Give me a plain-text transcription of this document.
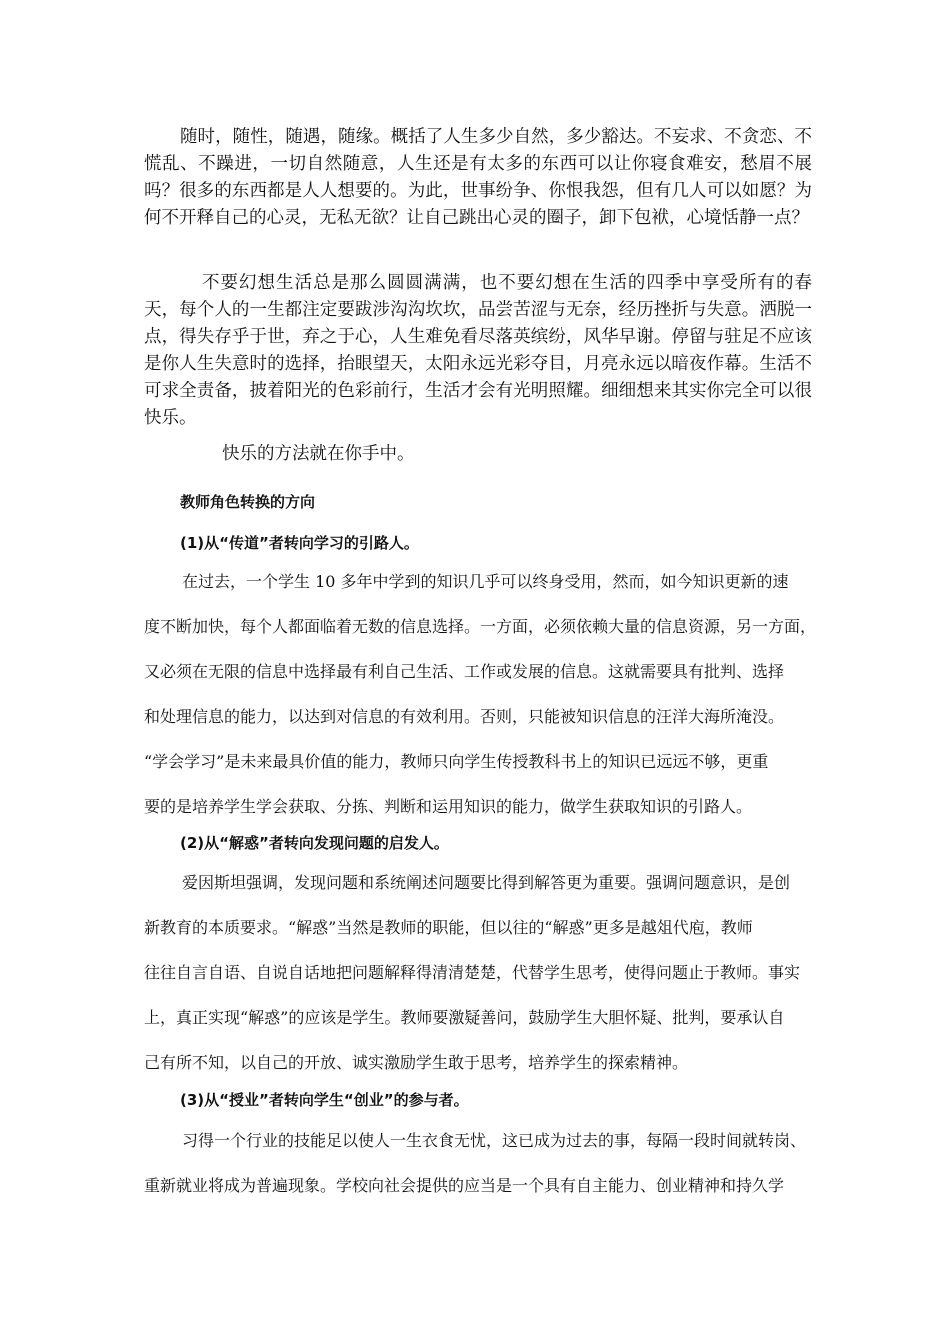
随时，随性，随遇，随缘。概括了人生多少自然，多少豁达。不妄求、不贪恋、不慌乱、不躁进，一切自然随意，人生还是有太多的东西可以让你寝食难安，愁眉不展吗？很多的东西都是人人想要的。为此，世事纷争、你恨我怨，但有几人可以如愿？为何不开释自己的心灵，无私无欲？让自己跳出心灵的圈子，卸下包袱，心境恬静一点？

不要幻想生活总是那么圆圆满满，也不要幻想在生活的四季中享受所有的春天，每个人的一生都注定要跋涉沟沟坎坎，品尝苦涩与无奈，经历挫折与失意。洒脱一点，得失存乎于世，弃之于心，人生难免看尽落英缤纷，风华早谢。停留与驻足不应该是你人生失意时的选择，抬眼望天，太阳永远光彩夺目，月亮永远以暗夜作幕。生活不可求全责备，披着阳光的色彩前行，生活才会有光明照耀。细细想来其实你完全可以很快乐。

快乐的方法就在你手中。

教师角色转换的方向

(1)从“传道”者转向学习的引路人。

在过去，一个学生 10 多年中学到的知识几乎可以终身受用，然而，如今知识更新的速
度不断加快，每个人都面临着无数的信息选择。一方面，必须依赖大量的信息资源，另一方面，
又必须在无限的信息中选择最有利自己生活、工作或发展的信息。这就需要具有批判、选择
和处理信息的能力，以达到对信息的有效利用。否则，只能被知识信息的汪洋大海所淹没。
“学会学习”是未来最具价值的能力，教师只向学生传授教科书上的知识已远远不够，更重
要的是培养学生学会获取、分拣、判断和运用知识的能力，做学生获取知识的引路人。

(2)从“解惑”者转向发现问题的启发人。

爱因斯坦强调，发现问题和系统阐述问题要比得到解答更为重要。强调问题意识，是创
新教育的本质要求。“解惑”当然是教师的职能，但以往的“解惑”更多是越俎代庖，教师
往往自言自语、自说自话地把问题解释得清清楚楚，代替学生思考，使得问题止于教师。事实
上，真正实现“解惑”的应该是学生。教师要激疑善问，鼓励学生大胆怀疑、批判，要承认自
己有所不知，以自己的开放、诚实激励学生敢于思考，培养学生的探索精神。

(3)从“授业”者转向学生“创业”的参与者。

习得一个行业的技能足以使人一生衣食无忧，这已成为过去的事，每隔一段时间就转岗、
重新就业将成为普遍现象。学校向社会提供的应当是一个具有自主能力、创业精神和持久学
